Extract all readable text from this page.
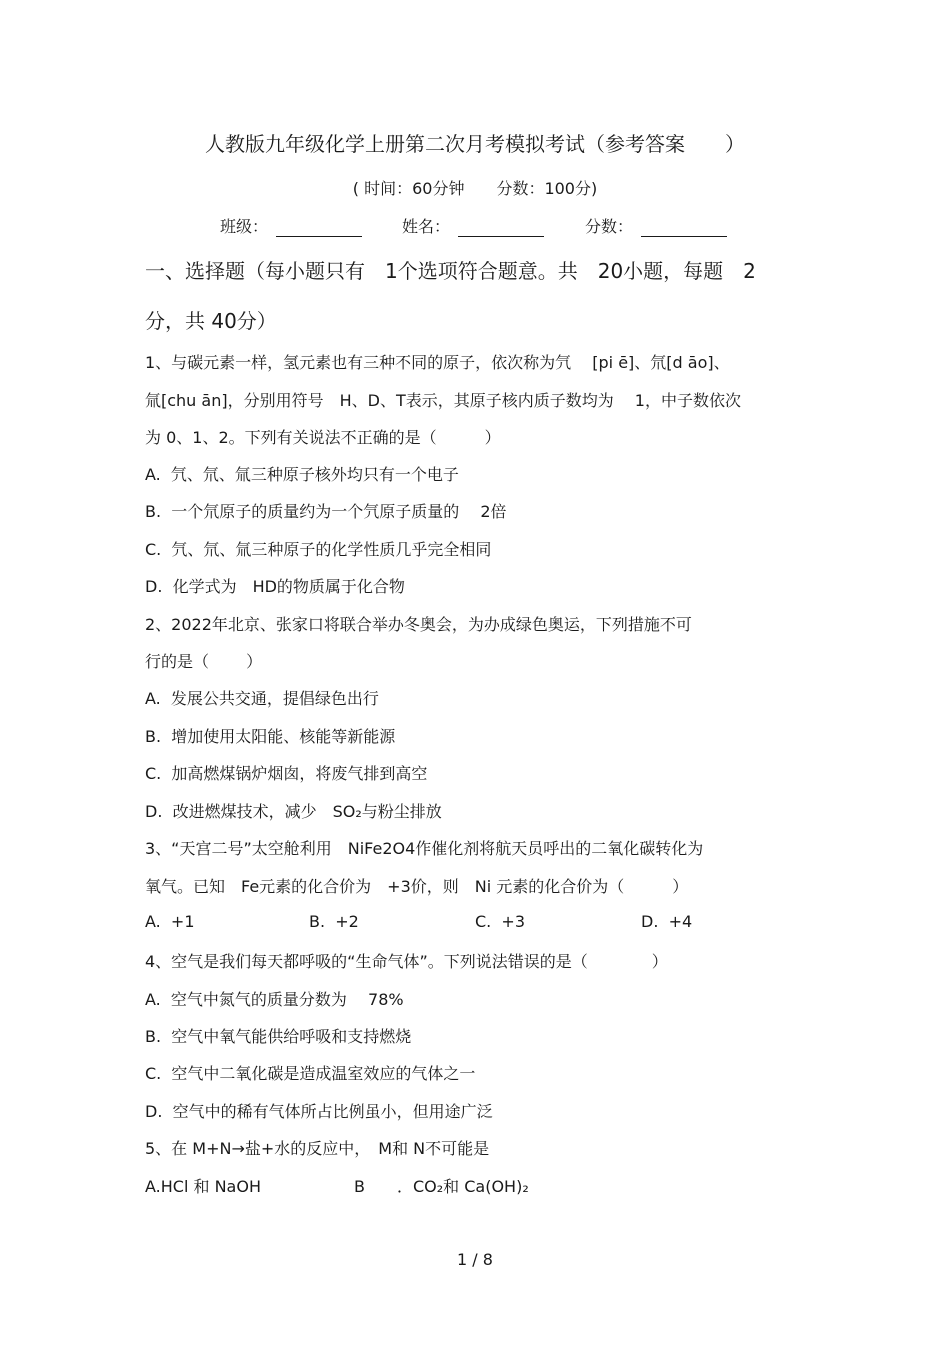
人教版九年级化学上册第二次月考模拟考试（参考答案　　）
( 时间：60分钟　　分数：100分)
班级：	姓名：	分数：
一、选择题（每小题只有　1个选项符合题意。共　20小题，每题　2
分，共 40分）
1、与碳元素一样，氢元素也有三种不同的原子，依次称为氕　 [pi ē]、氘[d āo]、
氚[chu ān]，分别用符号　H、D、T表示，其原子核内质子数均为　 1，中子数依次
为 0、1、2。下列有关说法不正确的是（　　　）
A.  氕、氘、氚三种原子核外均只有一个电子
B.  一个氘原子的质量约为一个氕原子质量的　 2倍
C.  氕、氘、氚三种原子的化学性质几乎完全相同
D.  化学式为　HD的物质属于化合物
2、2022年北京、张家口将联合举办冬奥会，为办成绿色奥运，下列措施不可
行的是（　　 ）
A.  发展公共交通，提倡绿色出行
B.  增加使用太阳能、核能等新能源
C.  加高燃煤锅炉烟囱，将废气排到高空
D.  改进燃煤技术，减少　SO₂与粉尘排放
3、“天宫二号”太空舱利用　NiFe2O4作催化剂将航天员呼出的二氧化碳转化为
氧气。已知　Fe元素的化合价为　+3价，则　Ni 元素的化合价为（　　　）
A.  +1	B.  +2	C.  +3	D.  +4
4、空气是我们每天都呼吸的“生命气体”。下列说法错误的是（　　　　）
A.  空气中氮气的质量分数为　 78%
B.  空气中氧气能供给呼吸和支持燃烧
C.  空气中二氧化碳是造成温室效应的气体之一
D.  空气中的稀有气体所占比例虽小，但用途广泛
5、在 M+N→盐+水的反应中，　M和 N不可能是
A.HCl 和 NaOH	B　　．CO₂和 Ca(OH)₂
1 / 8
